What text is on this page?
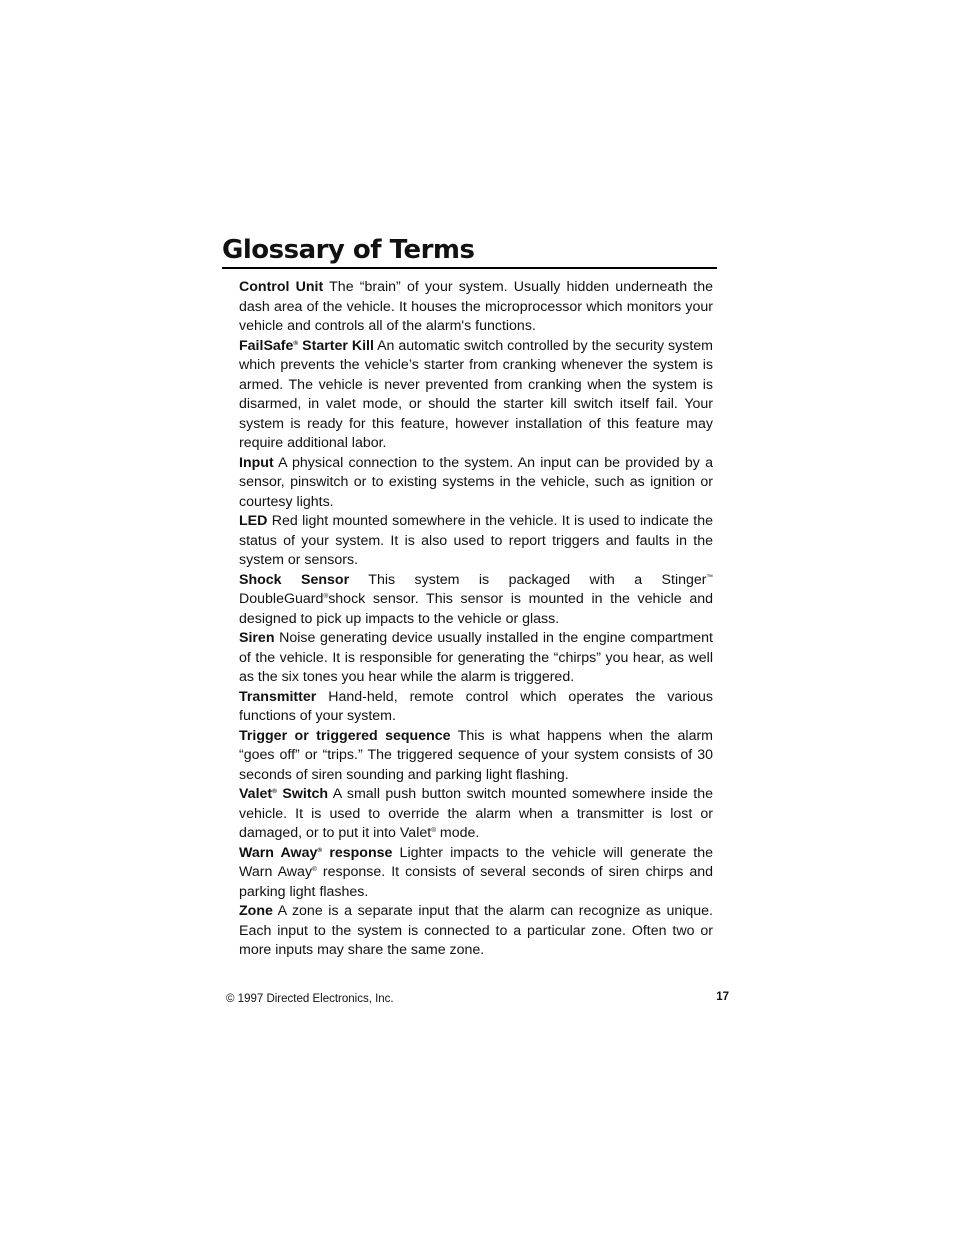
Glossary of Terms
Control Unit The “brain” of your system. Usually hidden underneath the dash area of the vehicle. It houses the microprocessor which monitors your vehicle and controls all of the alarm's functions.
FailSafe® Starter Kill An automatic switch controlled by the security system which prevents the vehicle’s starter from cranking whenever the system is armed. The vehicle is never prevented from cranking when the system is disarmed, in valet mode, or should the starter kill switch itself fail. Your system is ready for this feature, however installation of this feature may require additional labor.
Input A physical connection to the system. An input can be provided by a sensor, pinswitch or to existing systems in the vehicle, such as ignition or courtesy lights.
LED Red light mounted somewhere in the vehicle. It is used to indicate the status of your system. It is also used to report triggers and faults in the system or sensors.
Shock Sensor This system is packaged with a Stinger™ DoubleGuard®shock sensor. This sensor is mounted in the vehicle and designed to pick up impacts to the vehicle or glass.
Siren Noise generating device usually installed in the engine compartment of the vehicle. It is responsible for generating the “chirps” you hear, as well as the six tones you hear while the alarm is triggered.
Transmitter Hand-held, remote control which operates the various functions of your system.
Trigger or triggered sequence This is what happens when the alarm “goes off” or “trips.” The triggered sequence of your system consists of 30 seconds of siren sounding and parking light flashing.
Valet® Switch A small push button switch mounted somewhere inside the vehicle. It is used to override the alarm when a transmitter is lost or damaged, or to put it into Valet® mode.
Warn Away® response Lighter impacts to the vehicle will generate the Warn Away® response. It consists of several seconds of siren chirps and parking light flashes.
Zone A zone is a separate input that the alarm can recognize as unique. Each input to the system is connected to a particular zone. Often two or more inputs may share the same zone.

© 1997 Directed Electronics, Inc.	17
